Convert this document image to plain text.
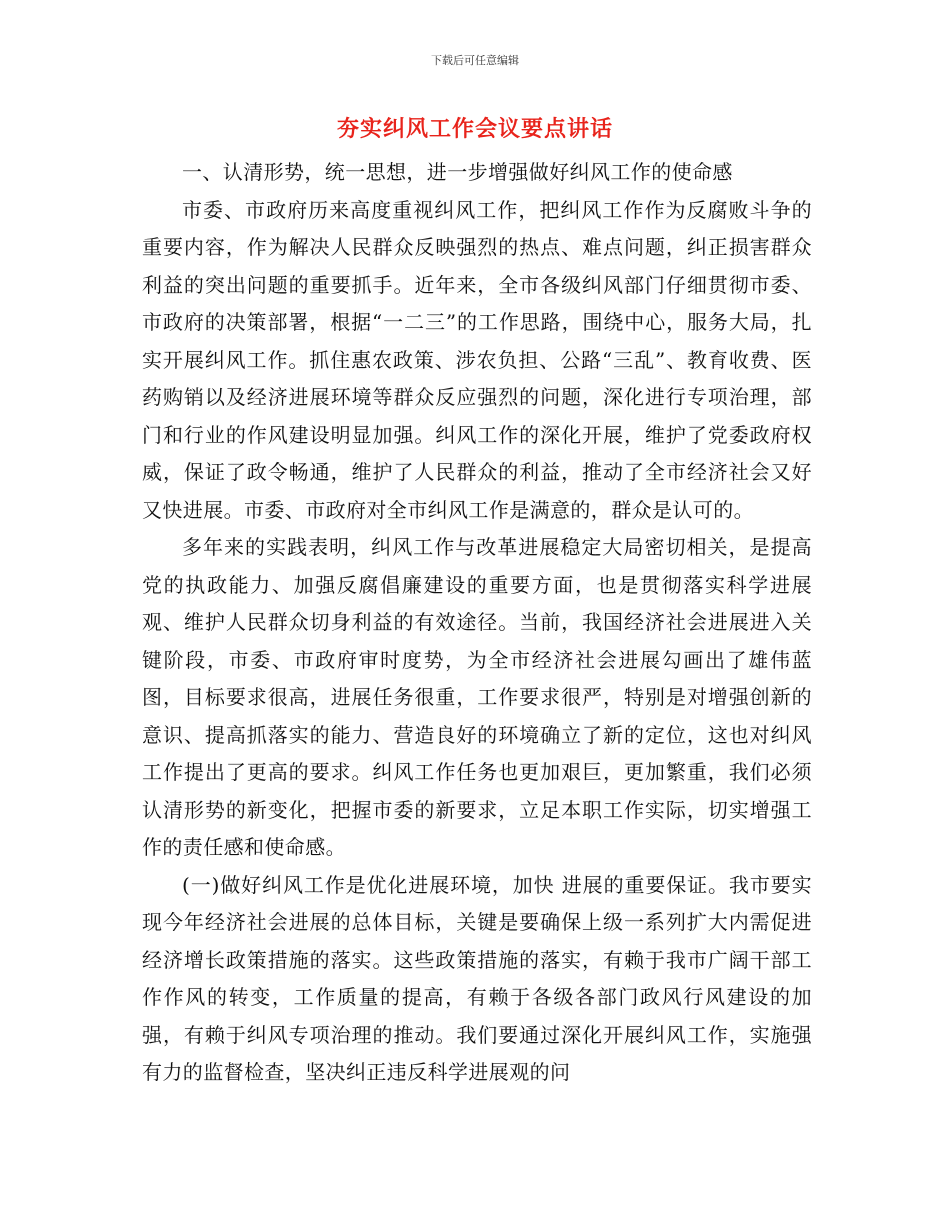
下载后可任意编辑
夯实纠风工作会议要点讲话

一、认清形势，统一思想，进一步增强做好纠风工作的使命感

市委、市政府历来高度重视纠风工作，把纠风工作作为反腐败斗争的重要内容，作为解决人民群众反映强烈的热点、难点问题，纠正损害群众利益的突出问题的重要抓手。近年来，全市各级纠风部门仔细贯彻市委、市政府的决策部署，根据“一二三”的工作思路，围绕中心，服务大局，扎实开展纠风工作。抓住惠农政策、涉农负担、公路“三乱”、教育收费、医药购销以及经济进展环境等群众反应强烈的问题，深化进行专项治理，部门和行业的作风建设明显加强。纠风工作的深化开展，维护了党委政府权威，保证了政令畅通，维护了人民群众的利益，推动了全市经济社会又好又快进展。市委、市政府对全市纠风工作是满意的，群众是认可的。

多年来的实践表明，纠风工作与改革进展稳定大局密切相关，是提高党的执政能力、加强反腐倡廉建设的重要方面，也是贯彻落实科学进展观、维护人民群众切身利益的有效途径。当前，我国经济社会进展进入关键阶段，市委、市政府审时度势，为全市经济社会进展勾画出了雄伟蓝图，目标要求很高，进展任务很重，工作要求很严，特别是对增强创新的意识、提高抓落实的能力、营造良好的环境确立了新的定位，这也对纠风工作提出了更高的要求。纠风工作任务也更加艰巨，更加繁重，我们必须认清形势的新变化，把握市委的新要求，立足本职工作实际，切实增强工作的责任感和使命感。

(一)做好纠风工作是优化进展环境，加快 进展的重要保证。我市要实现今年经济社会进展的总体目标，关键是要确保上级一系列扩大内需促进经济增长政策措施的落实。这些政策措施的落实，有赖于我市广阔干部工作作风的转变，工作质量的提高，有赖于各级各部门政风行风建设的加强，有赖于纠风专项治理的推动。我们要通过深化开展纠风工作，实施强有力的监督检查，坚决纠正违反科学进展观的问
